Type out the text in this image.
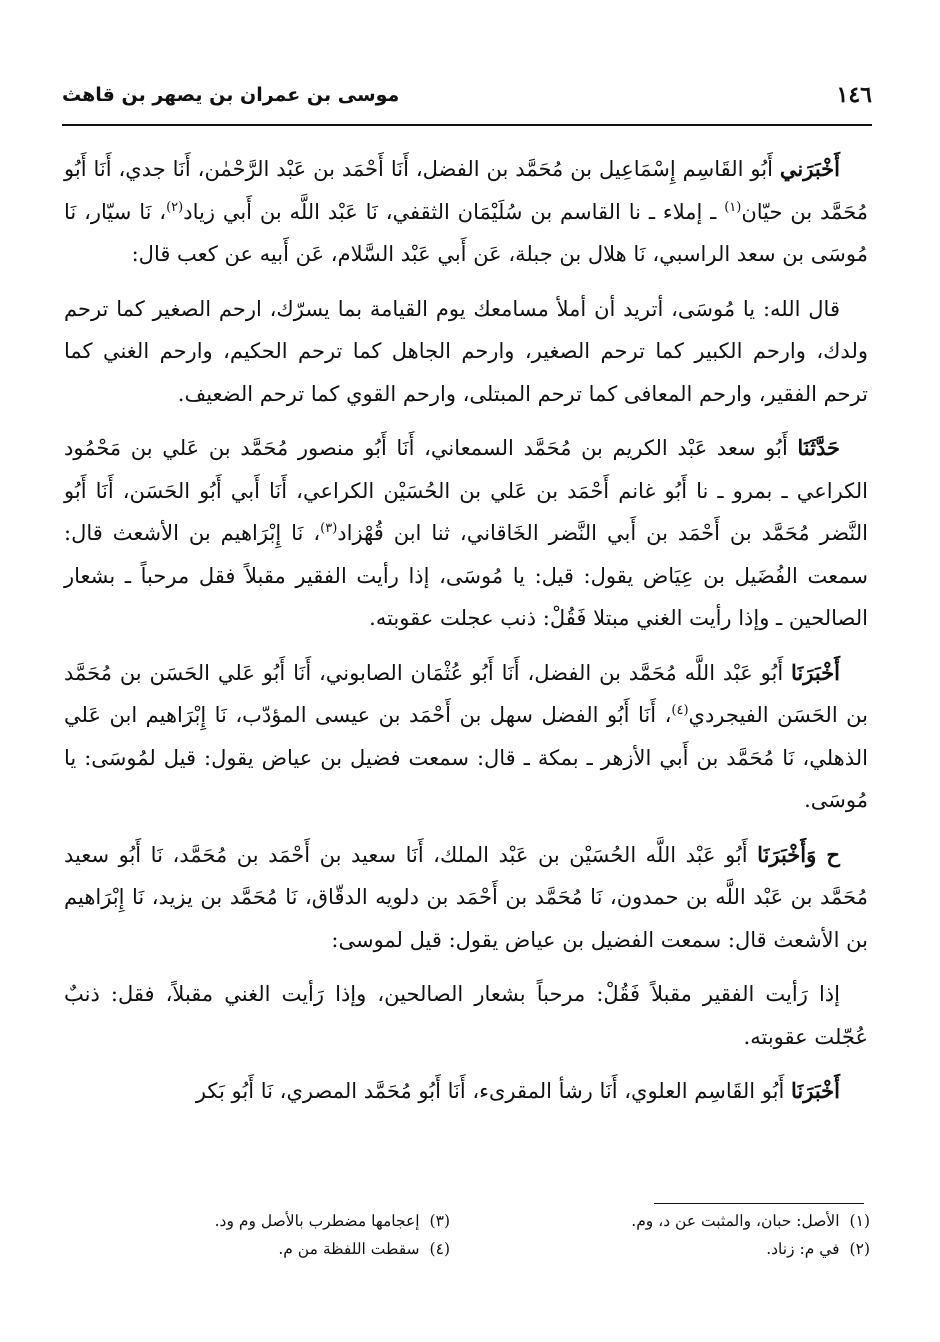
١٤٦
موسى بن عمران بن يصهر بن قاهث

أَخْبَرَني أَبُو القَاسِم إِسْمَاعِيل بن مُحَمَّد بن الفضل، أَنَا أَحْمَد بن عَبْد الرَّحْمٰن، أَنَا جدي، أَنَا أَبُو مُحَمَّد بن حيّان$^{(١)}$ ـ إملاء ـ نا القاسم بن سُلَيْمَان الثقفي، نَا عَبْد اللَّه بن أَبي زياد$^{(٢)}$، نَا سيّار، نَا مُوسَى بن سعد الراسبي، نَا هلال بن جبلة، عَن أَبي عَبْد السَّلام، عَن أَبيه عن كعب قال:

قال الله: يا مُوسَى، أتريد أن أملأ مسامعك يوم القيامة بما يسرّك، ارحم الصغير كما ترحم ولدك، وارحم الكبير كما ترحم الصغير، وارحم الجاهل كما ترحم الحكيم، وارحم الغني كما ترحم الفقير، وارحم المعافى كما ترحم المبتلى، وارحم القوي كما ترحم الضعيف.

حَدَّثَنَا أَبُو سعد عَبْد الكريم بن مُحَمَّد السمعاني، أَنَا أَبُو منصور مُحَمَّد بن عَلي بن مَحْمُود الكراعي ـ بمرو ـ نا أَبُو غانم أَحْمَد بن عَلي بن الحُسَيْن الكراعي، أَنَا أَبي أَبُو الحَسَن، أَنَا أَبُو النَّضر مُحَمَّد بن أَحْمَد بن أَبي النَّضر الخَاقاني، ثنا ابن قُهْزاد$^{(٣)}$، نَا إِبْرَاهيم بن الأشعث قال: سمعت الفُضَيل بن عِيَاض يقول: قيل: يا مُوسَى، إذا رأيت الفقير مقبلاً فقل مرحباً ـ بشعار الصالحين ـ وإذا رأيت الغني مبتلا فَقُلْ: ذنب عجلت عقوبته.

أَخْبَرَنَا أَبُو عَبْد اللَّه مُحَمَّد بن الفضل، أَنَا أَبُو عُثْمَان الصابوني، أَنَا أَبُو عَلي الحَسَن بن مُحَمَّد بن الحَسَن الفيجردي$^{(٤)}$، أَنَا أَبُو الفضل سهل بن أَحْمَد بن عيسى المؤدّب، نَا إِبْرَاهيم ابن عَلي الذهلي، نَا مُحَمَّد بن أَبي الأزهر ـ بمكة ـ قال: سمعت فضيل بن عياض يقول: قيل لمُوسَى: يا مُوسَى.

ح وَأَخْبَرَنَا أَبُو عَبْد اللَّه الحُسَيْن بن عَبْد الملك، أَنَا سعيد بن أَحْمَد بن مُحَمَّد، نَا أَبُو سعيد مُحَمَّد بن عَبْد اللَّه بن حمدون، نَا مُحَمَّد بن أَحْمَد بن دلويه الدقّاق، نَا مُحَمَّد بن يزيد، نَا إِبْرَاهيم بن الأشعث قال: سمعت الفضيل بن عياض يقول: قيل لموسى:

إذا رَأيت الفقير مقبلاً فَقُلْ: مرحباً بشعار الصالحين، وإذا رَأيت الغني مقبلاً، فقل: ذنبٌ عُجّلت عقوبته.

أَخْبَرَنَا أَبُو القَاسِم العلوي، أَنَا رشأ المقرىء، أَنَا أَبُو مُحَمَّد المصري، نَا أَبُو بَكر

(١)الأصل: حبان، والمثبت عن د، وم.
(٢)في م: زناد.
(٣)إعجامها مضطرب بالأصل وم ود.
(٤)سقطت اللفظة من م.
